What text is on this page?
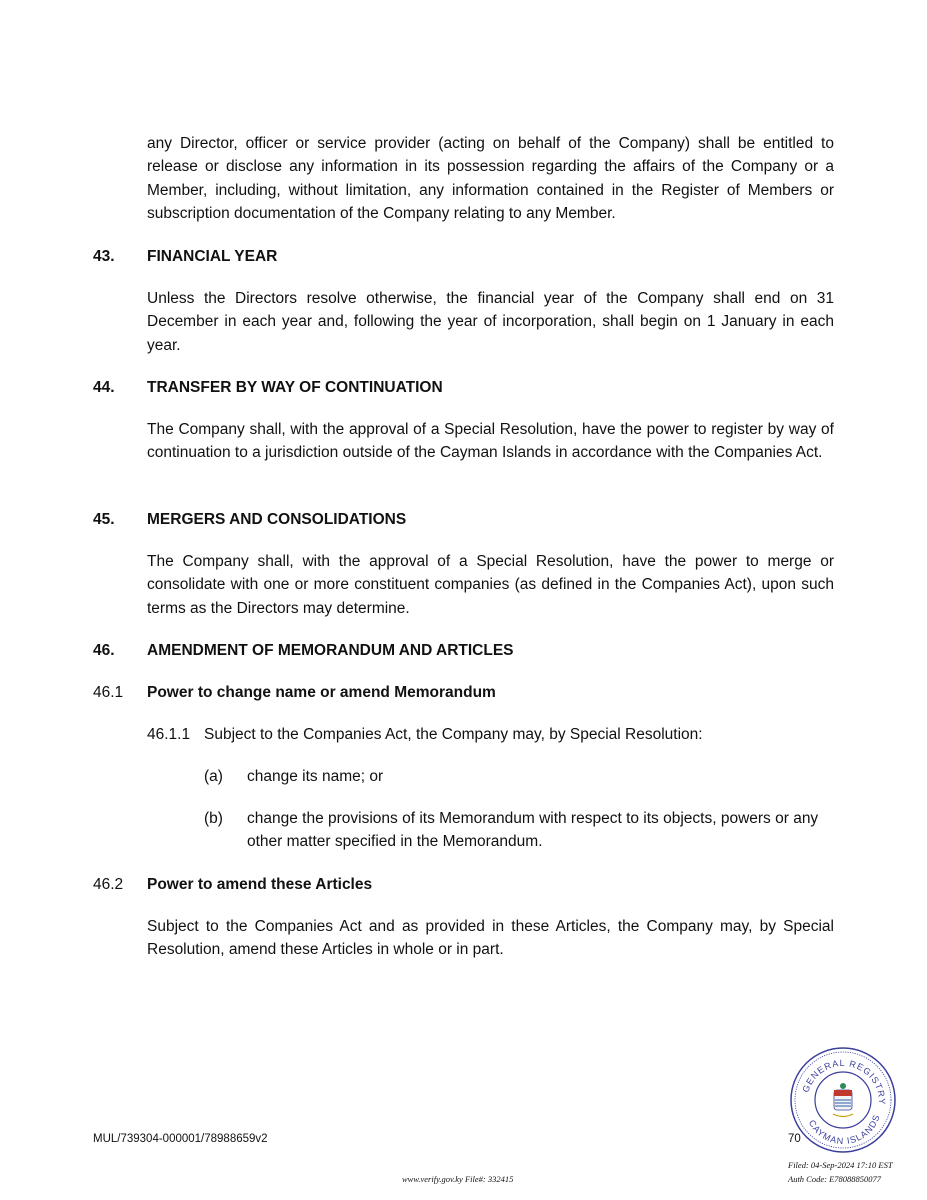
any Director, officer or service provider (acting on behalf of the Company) shall be entitled to release or disclose any information in its possession regarding the affairs of the Company or a Member, including, without limitation, any information contained in the Register of Members or subscription documentation of the Company relating to any Member.

43. FINANCIAL YEAR

Unless the Directors resolve otherwise, the financial year of the Company shall end on 31 December in each year and, following the year of incorporation, shall begin on 1 January in each year.

44. TRANSFER BY WAY OF CONTINUATION

The Company shall, with the approval of a Special Resolution, have the power to register by way of continuation to a jurisdiction outside of the Cayman Islands in accordance with the Companies Act.

45. MERGERS AND CONSOLIDATIONS

The Company shall, with the approval of a Special Resolution, have the power to merge or consolidate with one or more constituent companies (as defined in the Companies Act), upon such terms as the Directors may determine.

46. AMENDMENT OF MEMORANDUM AND ARTICLES
46.1 Power to change name or amend Memorandum
46.1.1 Subject to the Companies Act, the Company may, by Special Resolution:
(a) change its name; or
(b) change the provisions of its Memorandum with respect to its objects, powers or any other matter specified in the Memorandum.

46.2 Power to amend these Articles

Subject to the Companies Act and as provided in these Articles, the Company may, by Special Resolution, amend these Articles in whole or in part.

GENERAL REGISTRY
CAYMAN ISLANDS
MUL/739304-000001/78988659v2	70
Filed: 04-Sep-2024 17:10 EST
Auth Code: E78088850077
www.verify.gov.ky File#: 332415
